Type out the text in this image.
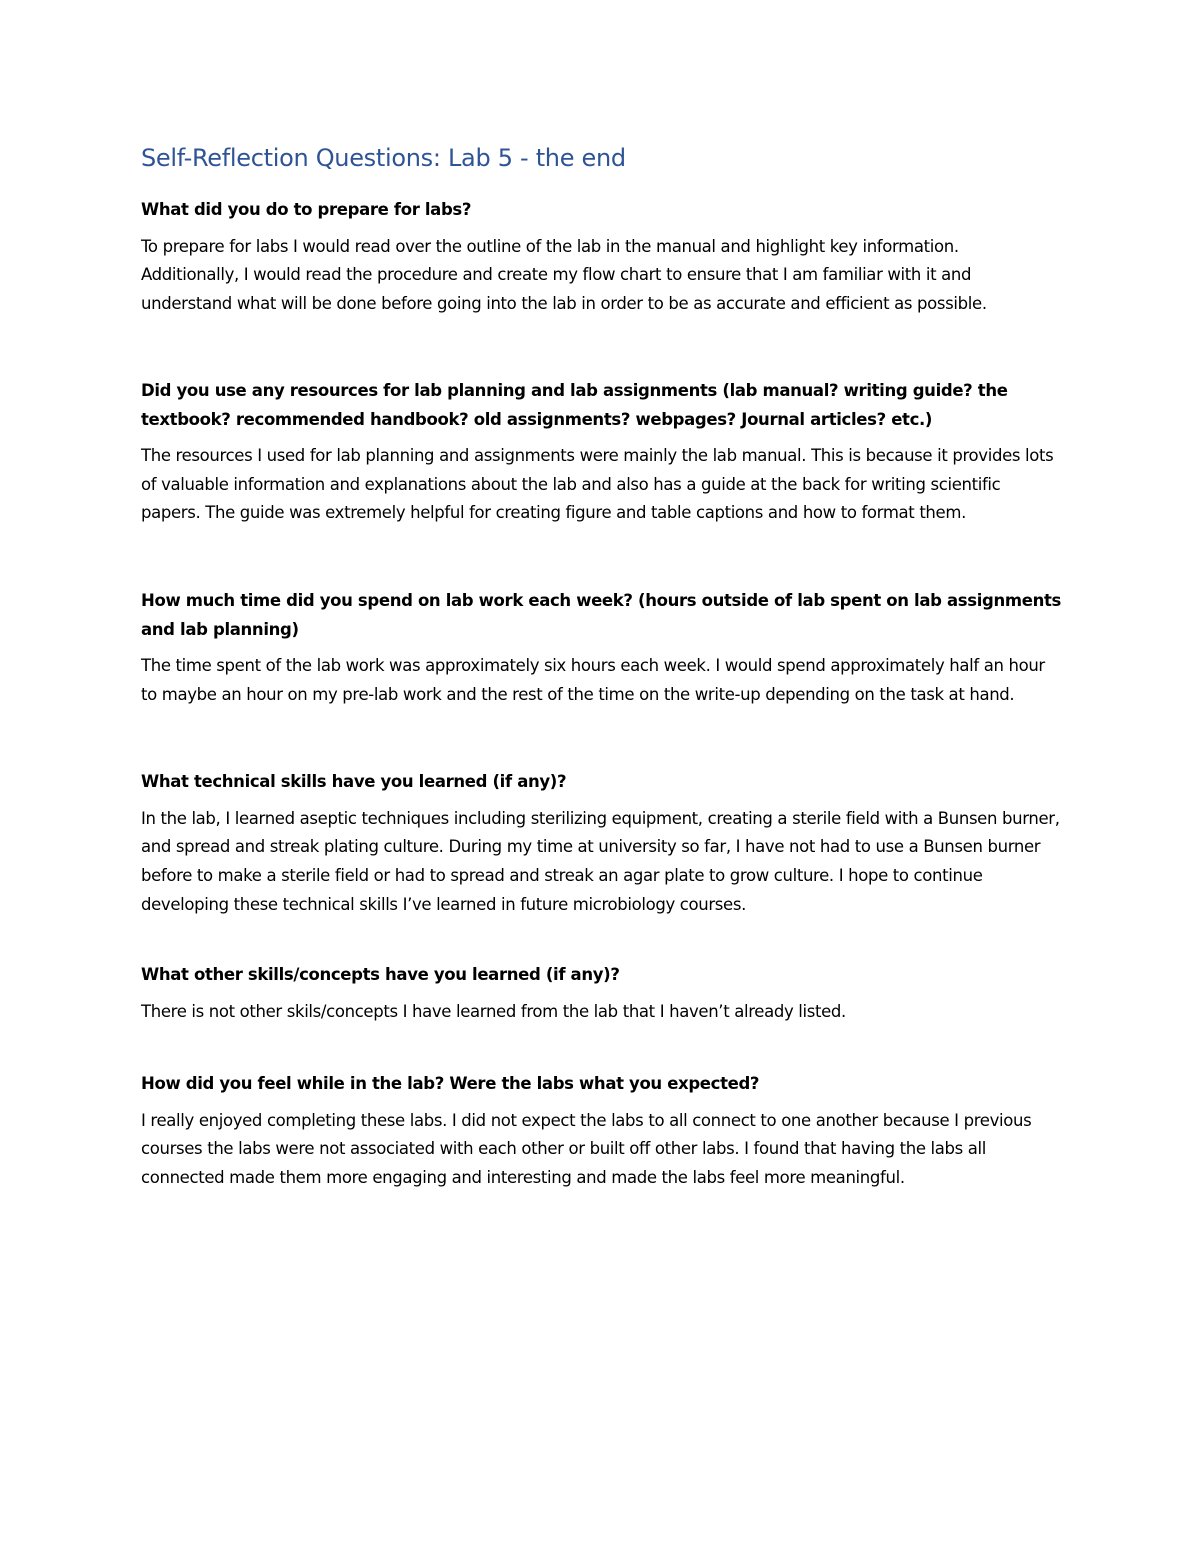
Self-Reflection Questions: Lab 5 - the end

What did you do to prepare for labs?

To prepare for labs I would read over the outline of the lab in the manual and highlight key information. Additionally, I would read the procedure and create my flow chart to ensure that I am familiar with it and understand what will be done before going into the lab in order to be as accurate and efficient as possible.

Did you use any resources for lab planning and lab assignments (lab manual? writing guide? the textbook? recommended handbook? old assignments? webpages? Journal articles? etc.)

The resources I used for lab planning and assignments were mainly the lab manual. This is because it provides lots of valuable information and explanations about the lab and also has a guide at the back for writing scientific papers. The guide was extremely helpful for creating figure and table captions and how to format them.

How much time did you spend on lab work each week? (hours outside of lab spent on lab assignments and lab planning)

The time spent of the lab work was approximately six hours each week. I would spend approximately half an hour to maybe an hour on my pre-lab work and the rest of the time on the write-up depending on the task at hand.

What technical skills have you learned (if any)?

In the lab, I learned aseptic techniques including sterilizing equipment, creating a sterile field with a Bunsen burner, and spread and streak plating culture. During my time at university so far, I have not had to use a Bunsen burner before to make a sterile field or had to spread and streak an agar plate to grow culture. I hope to continue developing these technical skills I’ve learned in future microbiology courses.

What other skills/concepts have you learned (if any)?

There is not other skils/concepts I have learned from the lab that I haven’t already listed.

How did you feel while in the lab? Were the labs what you expected?

I really enjoyed completing these labs. I did not expect the labs to all connect to one another because I previous courses the labs were not associated with each other or built off other labs. I found that having the labs all connected made them more engaging and interesting and made the labs feel more meaningful.
